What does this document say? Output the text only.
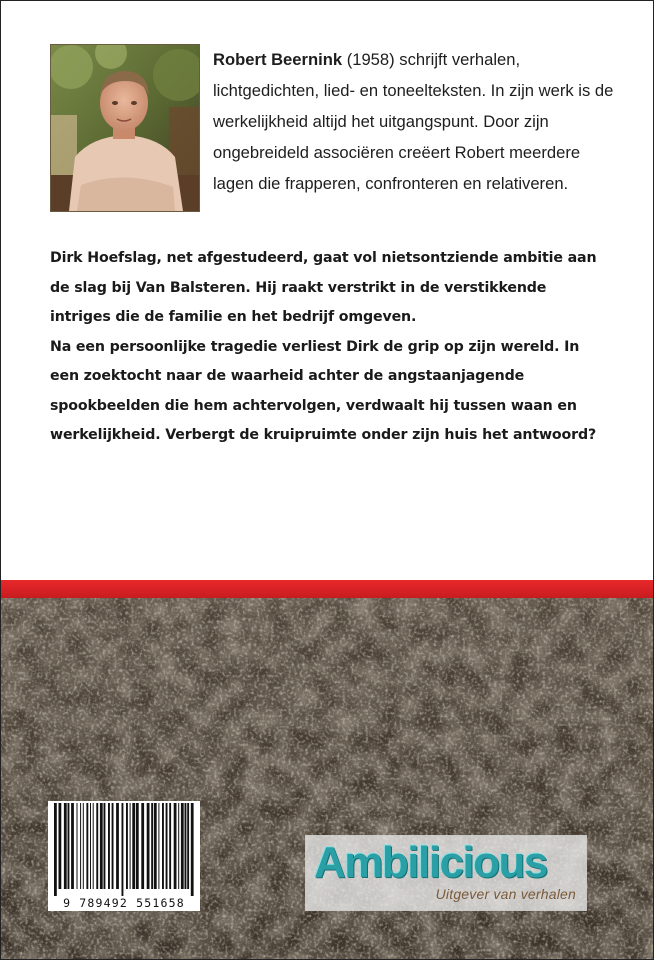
Robert Beernink (1958) schrijft verhalen, lichtgedichten, lied- en toneelteksten. In zijn werk is de werkelijkheid altijd het uitgangspunt. Door zijn ongebreideld associëren creëert Robert meerdere lagen die frapperen, confronteren en relativeren.

Dirk Hoefslag, net afgestudeerd, gaat vol nietsontziende ambitie aan de slag bij Van Balsteren. Hij raakt verstrikt in de verstikkende intriges die de familie en het bedrijf omgeven.

Na een persoonlijke tragedie verliest Dirk de grip op zijn wereld. In een zoektocht naar de waarheid achter de angstaanjagende spookbeelden die hem achtervolgen, verdwaalt hij tussen waan en werkelijkheid. Verbergt de kruipruimte onder zijn huis het antwoord?

9 789492 551658
Ambilicious
Uitgever van verhalen
